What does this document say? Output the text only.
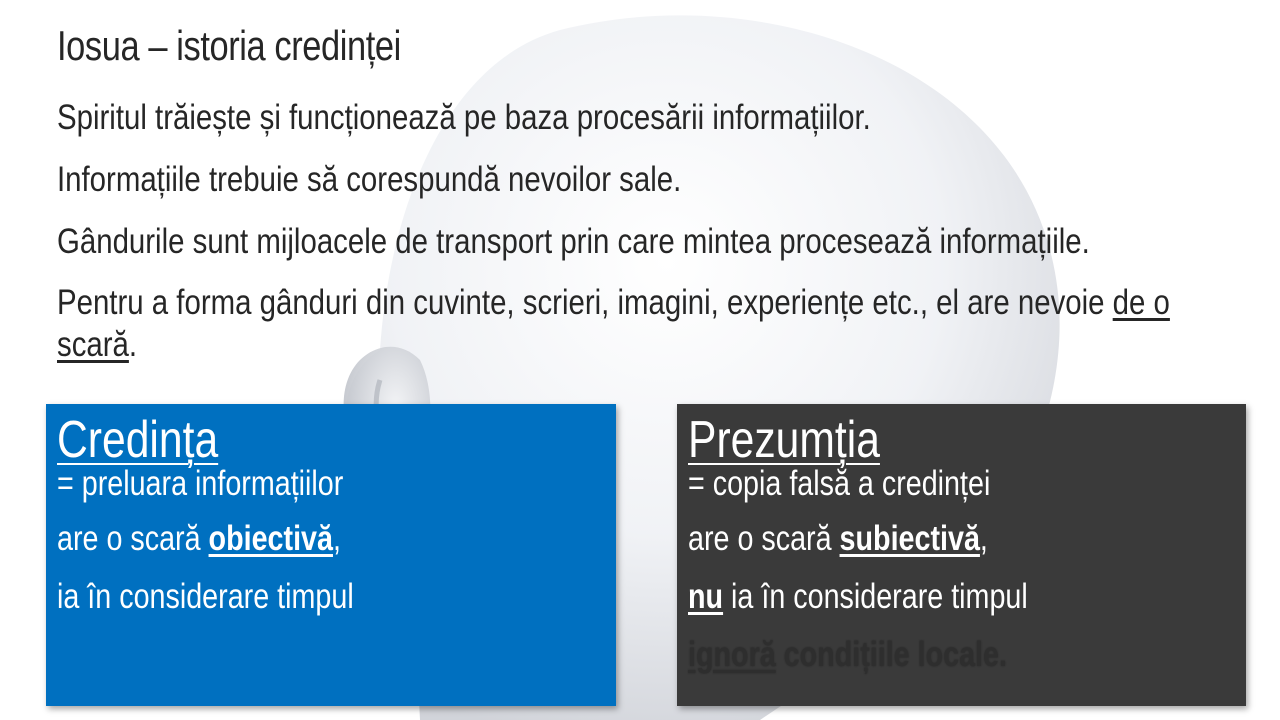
Iosua – istoria credinței

Spiritul trăiește și funcționează pe baza procesării informațiilor.

Informațiile trebuie să corespundă nevoilor sale.

Gândurile sunt mijloacele de transport prin care mintea procesează informațiile.

Pentru a forma gânduri din cuvinte, scrieri, imagini, experiențe etc., el are nevoie de o scară.

Credința

= preluara informațiilor

are o scară obiectivă,

ia în considerare timpul

Prezumția

= copia falsă a credinței

are o scară subiectivă,

nu ia în considerare timpul

ignoră condițiile locale.
